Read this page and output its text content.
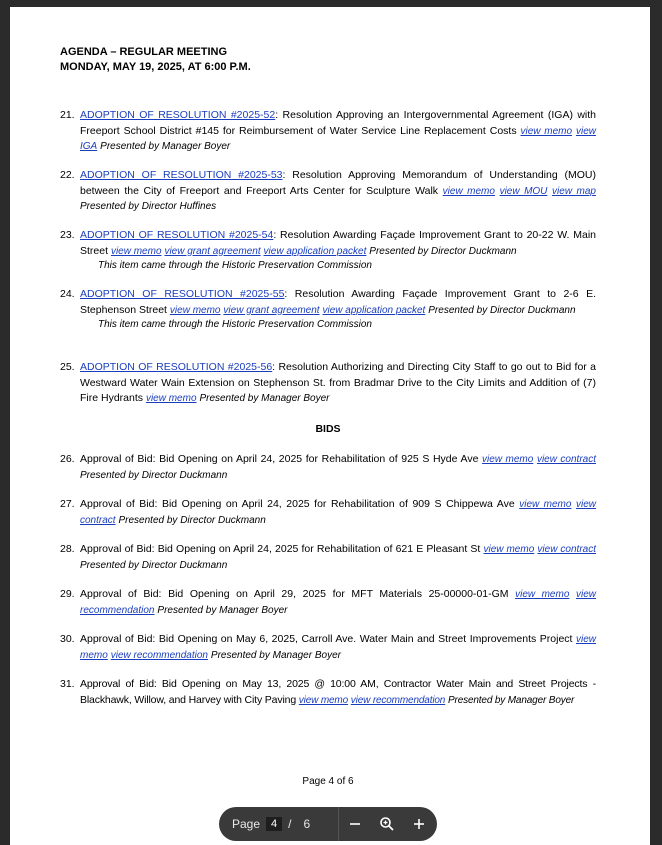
AGENDA – REGULAR MEETING
MONDAY, MAY 19, 2025, AT 6:00 P.M.
21. ADOPTION OF RESOLUTION #2025-52: Resolution Approving an Intergovernmental Agreement (IGA) with Freeport School District #145 for Reimbursement of Water Service Line Replacement Costs view memo view IGA Presented by Manager Boyer
22. ADOPTION OF RESOLUTION #2025-53: Resolution Approving Memorandum of Understanding (MOU) between the City of Freeport and Freeport Arts Center for Sculpture Walk view memo view MOU view map Presented by Director Huffines
23. ADOPTION OF RESOLUTION #2025-54: Resolution Awarding Façade Improvement Grant to 20-22 W. Main Street view memo view grant agreement view application packet Presented by Director Duckmann
This item came through the Historic Preservation Commission
24. ADOPTION OF RESOLUTION #2025-55: Resolution Awarding Façade Improvement Grant to 2-6 E. Stephenson Street view memo view grant agreement view application packet Presented by Director Duckmann
This item came through the Historic Preservation Commission
25. ADOPTION OF RESOLUTION #2025-56: Resolution Authorizing and Directing City Staff to go out to Bid for a Westward Water Wain Extension on Stephenson St. from Bradmar Drive to the City Limits and Addition of (7) Fire Hydrants view memo Presented by Manager Boyer
BIDS
26. Approval of Bid: Bid Opening on April 24, 2025 for Rehabilitation of 925 S Hyde Ave view memo view contract Presented by Director Duckmann
27. Approval of Bid: Bid Opening on April 24, 2025 for Rehabilitation of 909 S Chippewa Ave view memo view contract Presented by Director Duckmann
28. Approval of Bid: Bid Opening on April 24, 2025 for Rehabilitation of 621 E Pleasant St view memo view contract Presented by Director Duckmann
29. Approval of Bid: Bid Opening on April 29, 2025 for MFT Materials 25-00000-01-GM view memo view recommendation Presented by Manager Boyer
30. Approval of Bid: Bid Opening on May 6, 2025, Carroll Ave. Water Main and Street Improvements Project view memo view recommendation Presented by Manager Boyer
31. Approval of Bid: Bid Opening on May 13, 2025 @ 10:00 AM, Contractor Water Main and Street Projects - Blackhawk, Willow, and Harvey with City Paving view memo view recommendation Presented by Manager Boyer
Page 4 of 6
Page	4 / 6
